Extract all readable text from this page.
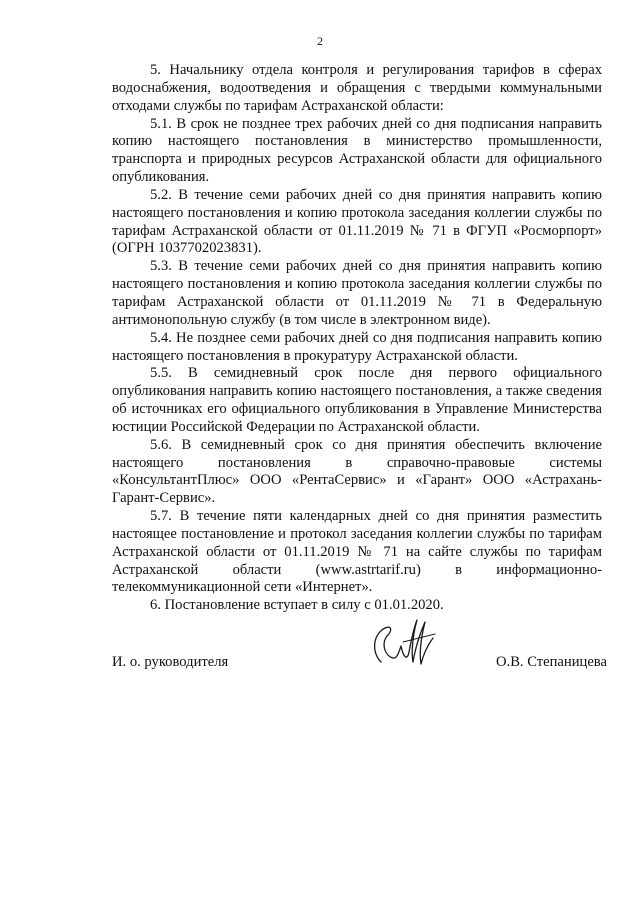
2

5. Начальнику отдела контроля и регулирования тарифов в сферах водоснабжения, водоотведения и обращения с твердыми коммунальными отходами службы по тарифам Астраханской области:

5.1. В срок не позднее трех рабочих дней со дня подписания направить копию настоящего постановления в министерство промышленности, транспорта и природных ресурсов Астраханской области для официального опубликования.

5.2. В течение семи рабочих дней со дня принятия направить копию настоящего постановления и копию протокола заседания коллегии службы по тарифам Астраханской области от 01.11.2019 № 71 в ФГУП «Росморпорт» (ОГРН 1037702023831).

5.3. В течение семи рабочих дней со дня принятия направить копию настоящего постановления и копию протокола заседания коллегии службы по тарифам Астраханской области от 01.11.2019 № 71 в Федеральную антимонопольную службу (в том числе в электронном виде).

5.4. Не позднее семи рабочих дней со дня подписания направить копию настоящего постановления в прокуратуру Астраханской области.

5.5. В семидневный срок после дня первого официального опубликования направить копию настоящего постановления, а также сведения об источниках его официального опубликования в Управление Министерства юстиции Российской Федерации по Астраханской области.

5.6. В семидневный срок со дня принятия обеспечить включение настоящего постановления в справочно-правовые системы «КонсультантПлюс» ООО «РентаСервис» и «Гарант» ООО «Астрахань-Гарант-Сервис».

5.7. В течение пяти календарных дней со дня принятия разместить настоящее постановление и протокол заседания коллегии службы по тарифам Астраханской области от 01.11.2019 № 71 на сайте службы по тарифам Астраханской области (www.astrtarif.ru) в информационно-телекоммуникационной сети «Интернет».

6. Постановление вступает в силу с 01.01.2020.

И. о. руководителя	О.В. Степаницева
